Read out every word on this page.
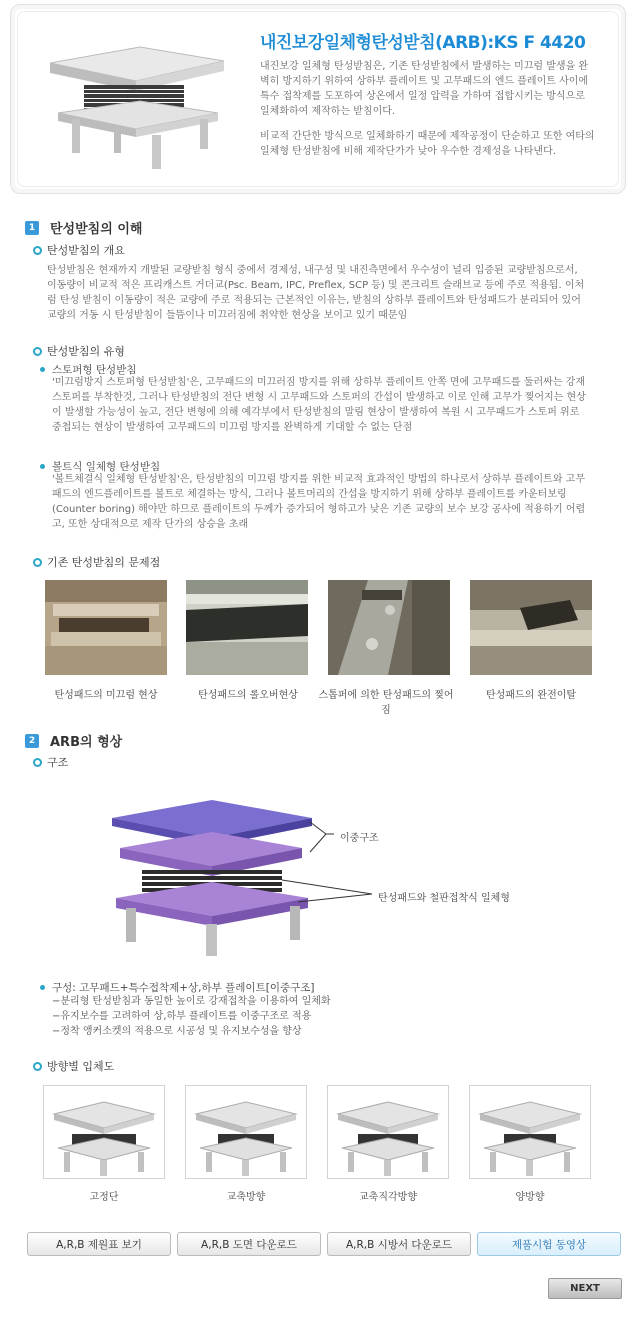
내진보강일체형탄성받침(ARB):KS F 4420
내진보강 일체형 탄성받침은, 기존 탄성받침에서 발생하는 미끄럼 발생을 완벽히 방지하기 위하여 상하부 플레이트 및 고무패드의 엔드 플레이트 사이에 특수 접착제를 도포하여 상온에서 일정 압력을 가하여 접합시키는 방식으로 일체화하여 제작하는 받침이다.
비교적 간단한 방식으로 일체화하기 때문에 제작공정이 단순하고 또한 여타의 일체형 탄성받침에 비해 제작단가가 낮아 우수한 경제성을 나타낸다.
1 탄성받침의 이해
탄성받침의 개요
탄성받침은 현재까지 개발된 교량받침 형식 중에서 경제성, 내구성 및 내진측면에서 우수성이 널리 입증된 교량받침으로서, 이동량이 비교적 적은 프리캐스트 거더교(Psc. Beam, IPC, Preflex, SCP 등) 및 콘크리트 슬래브교 등에 주로 적용됨. 이처럼 탄성 받침이 이동량이 적은 교량에 주로 적용되는 근본적인 이유는, 받침의 상하부 플레이트와 탄성패드가 분리되어 있어 교량의 거동 시 탄성받침이 들뜸이나 미끄러짐에 취약한 현상을 보이고 있기 때문임
탄성받침의 유형
스토퍼형 탄성받침
'미끄럼방지 스토퍼형 탄성받침'은, 고무패드의 미끄러짐 방지를 위해 상하부 플레이트 안쪽 면에 고무패드를 둘러싸는 강재 스토퍼를 부착한것, 그러나 탄성받침의 전단 변형 시 고무패드와 스토퍼의 간섭이 발생하고 이로 인해 고무가 찢어지는 현상이 발생할 가능성이 높고, 전단 변형에 의해 예각부에서 탄성받침의 말림 현상이 발생하여 복원 시 고무패드가 스토퍼 위로 중첩되는 현상이 발생하여 고무패드의 미끄럼 방지를 완벽하게 기대할 수 없는 단점
볼트식 일체형 탄성받침
'볼트체결식 일체형 탄성받침'은, 탄성받침의 미끄럼 방지를 위한 비교적 효과적인 방법의 하나로서 상하부 플레이트와 고무패드의 엔드플레이트를 볼트로 체결하는 방식, 그러나 볼트머리의 간섭을 방지하기 위해 상하부 플레이트를 카운터보링(Counter boring) 해야만 하므로 플레이트의 두께가 증가되어 형하고가 낮은 기존 교량의 보수 보강 공사에 적용하기 어렵고, 또한 상대적으로 제작 단가의 상승을 초래
기존 탄성받침의 문제점
탄성패드의 미끄럼 현상	탄성패드의 롤오버현상	스톱퍼에 의한 탄성패드의 찢어짐
탄성패드의 완전이탈
2 ARB의 형상
구조
이중구조
탄성패드와 철판접착식 일체형
구성: 고무패드+특수접착제+상,하부 플레이트[이중구조]
−분리형 탄성받침과 동일한 높이로 강재접착을 이용하여 일체화
−유지보수를 고려하여 상,하부 플레이트를 이중구조로 적용
−정착 앵커소켓의 적용으로 시공성 및 유지보수성을 향상
방향별 입체도
고정단	교축방향	교축직각방향	양방향
A,R,B 제원표 보기	A,R,B 도면 다운로드	A,R,B 시방서 다운로드	제품시험 동영상
NEXT
